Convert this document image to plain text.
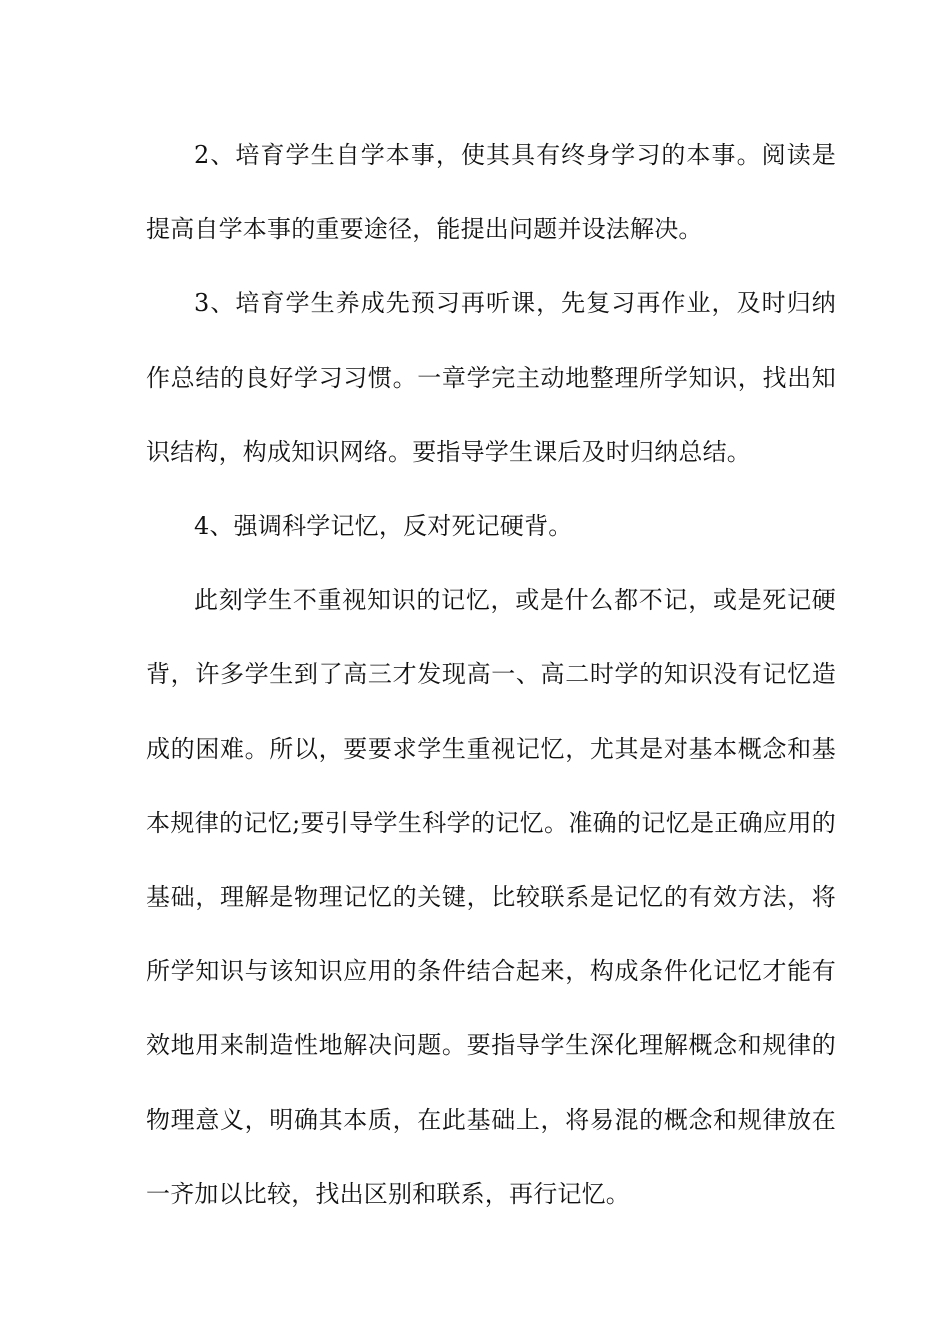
2、培育学生自学本事，使其具有终身学习的本事。阅读是提高自学本事的重要途径，能提出问题并设法解决。

3、培育学生养成先预习再听课，先复习再作业，及时归纳作总结的良好学习习惯。一章学完主动地整理所学知识，找出知识结构，构成知识网络。要指导学生课后及时归纳总结。

4、强调科学记忆，反对死记硬背。

此刻学生不重视知识的记忆，或是什么都不记，或是死记硬背，许多学生到了高三才发现高一、高二时学的知识没有记忆造成的困难。所以，要要求学生重视记忆，尤其是对基本概念和基本规律的记忆;要引导学生科学的记忆。准确的记忆是正确应用的基础，理解是物理记忆的关键，比较联系是记忆的有效方法，将所学知识与该知识应用的条件结合起来，构成条件化记忆才能有效地用来制造性地解决问题。要指导学生深化理解概念和规律的物理意义，明确其本质，在此基础上，将易混的概念和规律放在一齐加以比较，找出区别和联系，再行记忆。
